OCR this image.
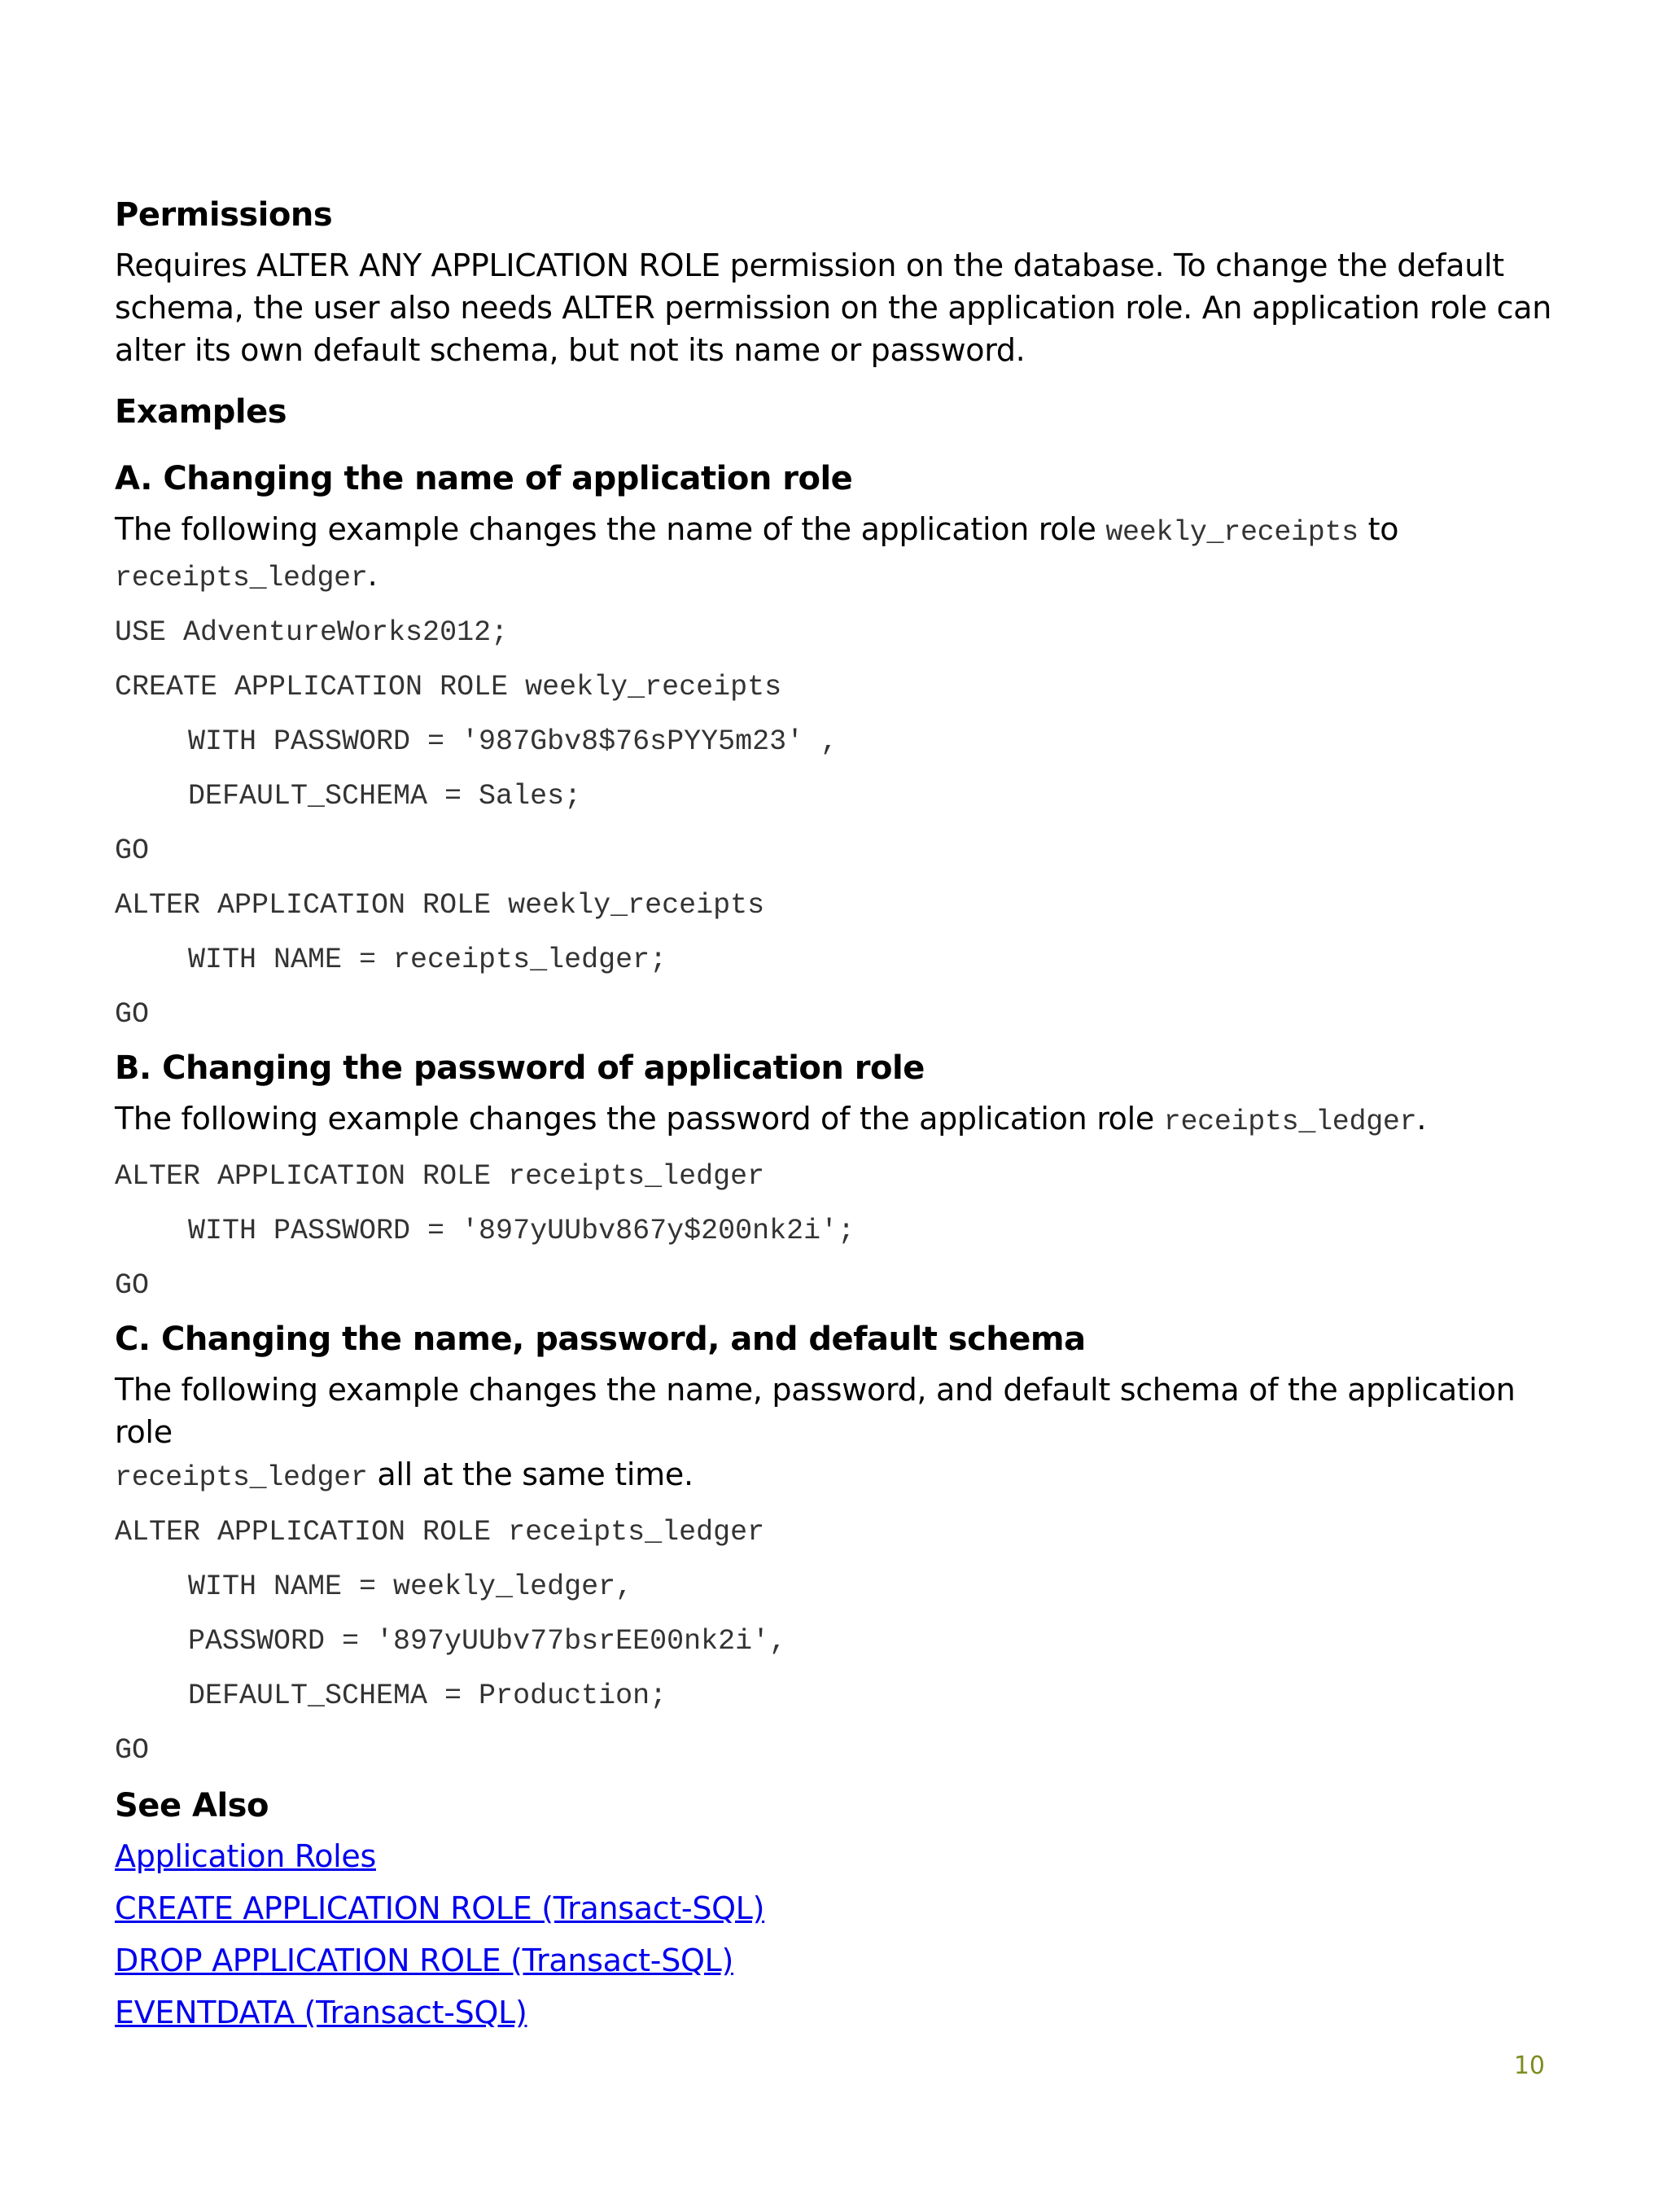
Permissions

Requires ALTER ANY APPLICATION ROLE permission on the database. To change the default
schema, the user also needs ALTER permission on the application role. An application role can
alter its own default schema, but not its name or password.

Examples
A. Changing the name of application role

The following example changes the name of the application role weekly_receipts to
receipts_ledger.

USE AdventureWorks2012;

CREATE APPLICATION ROLE weekly_receipts

WITH PASSWORD = '987Gbv8$76sPYY5m23' ,

DEFAULT_SCHEMA = Sales;

GO

ALTER APPLICATION ROLE weekly_receipts

WITH NAME = receipts_ledger;

GO

B. Changing the password of application role

The following example changes the password of the application role receipts_ledger.

ALTER APPLICATION ROLE receipts_ledger

WITH PASSWORD = '897yUUbv867y$200nk2i';

GO

C. Changing the name, password, and default schema

The following example changes the name, password, and default schema of the application role
receipts_ledger all at the same time.

ALTER APPLICATION ROLE receipts_ledger

WITH NAME = weekly_ledger,

PASSWORD = '897yUUbv77bsrEE00nk2i',

DEFAULT_SCHEMA = Production;

GO

See Also
Application Roles
CREATE APPLICATION ROLE (Transact-SQL)
DROP APPLICATION ROLE (Transact-SQL)
EVENTDATA (Transact-SQL)
10
